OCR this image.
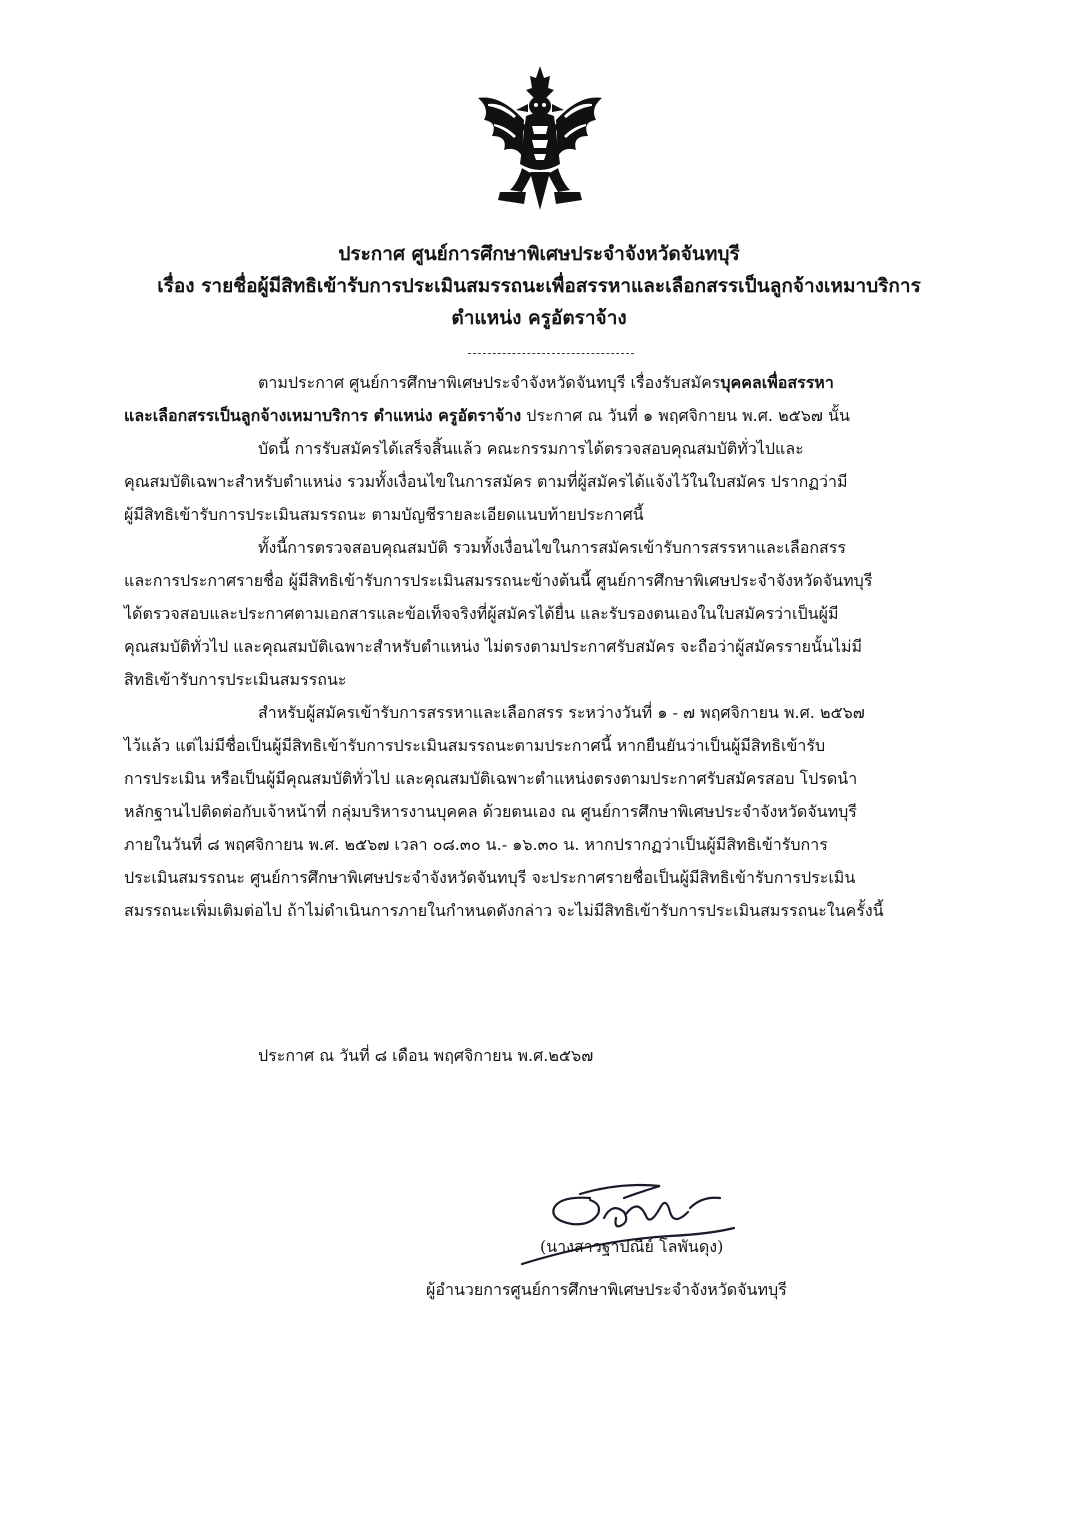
ประกาศ ศูนย์การศึกษาพิเศษประจำจังหวัดจันทบุรี
เรื่อง รายชื่อผู้มีสิทธิเข้ารับการประเมินสมรรถนะเพื่อสรรหาและเลือกสรรเป็นลูกจ้างเหมาบริการ
ตำแหน่ง ครูอัตราจ้าง
ตามประกาศ ศูนย์การศึกษาพิเศษประจำจังหวัดจันทบุรี เรื่องรับสมัครบุคคลเพื่อสรรหา
และเลือกสรรเป็นลูกจ้างเหมาบริการ ตำแหน่ง ครูอัตราจ้าง ประกาศ ณ วันที่ ๑ พฤศจิกายน พ.ศ. ๒๕๖๗ นั้น
บัดนี้ การรับสมัครได้เสร็จสิ้นแล้ว คณะกรรมการได้ตรวจสอบคุณสมบัติทั่วไปและ
คุณสมบัติเฉพาะสำหรับตำแหน่ง รวมทั้งเงื่อนไขในการสมัคร ตามที่ผู้สมัครได้แจ้งไว้ในใบสมัคร ปรากฏว่ามี
ผู้มีสิทธิเข้ารับการประเมินสมรรถนะ ตามบัญชีรายละเอียดแนบท้ายประกาศนี้
ทั้งนี้การตรวจสอบคุณสมบัติ รวมทั้งเงื่อนไขในการสมัครเข้ารับการสรรหาและเลือกสรร
และการประกาศรายชื่อ ผู้มีสิทธิเข้ารับการประเมินสมรรถนะข้างต้นนี้ ศูนย์การศึกษาพิเศษประจำจังหวัดจันทบุรี
ได้ตรวจสอบและประกาศตามเอกสารและข้อเท็จจริงที่ผู้สมัครได้ยื่น และรับรองตนเองในใบสมัครว่าเป็นผู้มี
คุณสมบัติทั่วไป และคุณสมบัติเฉพาะสำหรับตำแหน่ง ไม่ตรงตามประกาศรับสมัคร จะถือว่าผู้สมัครรายนั้นไม่มี
สิทธิเข้ารับการประเมินสมรรถนะ
สำหรับผู้สมัครเข้ารับการสรรหาและเลือกสรร ระหว่างวันที่ ๑ - ๗ พฤศจิกายน พ.ศ. ๒๕๖๗
ไว้แล้ว แต่ไม่มีชื่อเป็นผู้มีสิทธิเข้ารับการประเมินสมรรถนะตามประกาศนี้ หากยืนยันว่าเป็นผู้มีสิทธิเข้ารับ
การประเมิน หรือเป็นผู้มีคุณสมบัติทั่วไป และคุณสมบัติเฉพาะตำแหน่งตรงตามประกาศรับสมัครสอบ โปรดนำ
หลักฐานไปติดต่อกับเจ้าหน้าที่ กลุ่มบริหารงานบุคคล ด้วยตนเอง ณ ศูนย์การศึกษาพิเศษประจำจังหวัดจันทบุรี
ภายในวันที่ ๘ พฤศจิกายน พ.ศ. ๒๕๖๗ เวลา ๐๘.๓๐ น.- ๑๖.๓๐ น. หากปรากฏว่าเป็นผู้มีสิทธิเข้ารับการ
ประเมินสมรรถนะ ศูนย์การศึกษาพิเศษประจำจังหวัดจันทบุรี จะประกาศรายชื่อเป็นผู้มีสิทธิเข้ารับการประเมิน
สมรรถนะเพิ่มเติมต่อไป ถ้าไม่ดำเนินการภายในกำหนดดังกล่าว จะไม่มีสิทธิเข้ารับการประเมินสมรรถนะในครั้งนี้
ประกาศ ณ วันที่ ๘ เดือน พฤศจิกายน พ.ศ.๒๕๖๗
(นางสาวฐาปณีย์ โลพันดุง)
ผู้อำนวยการศูนย์การศึกษาพิเศษประจำจังหวัดจันทบุรี
